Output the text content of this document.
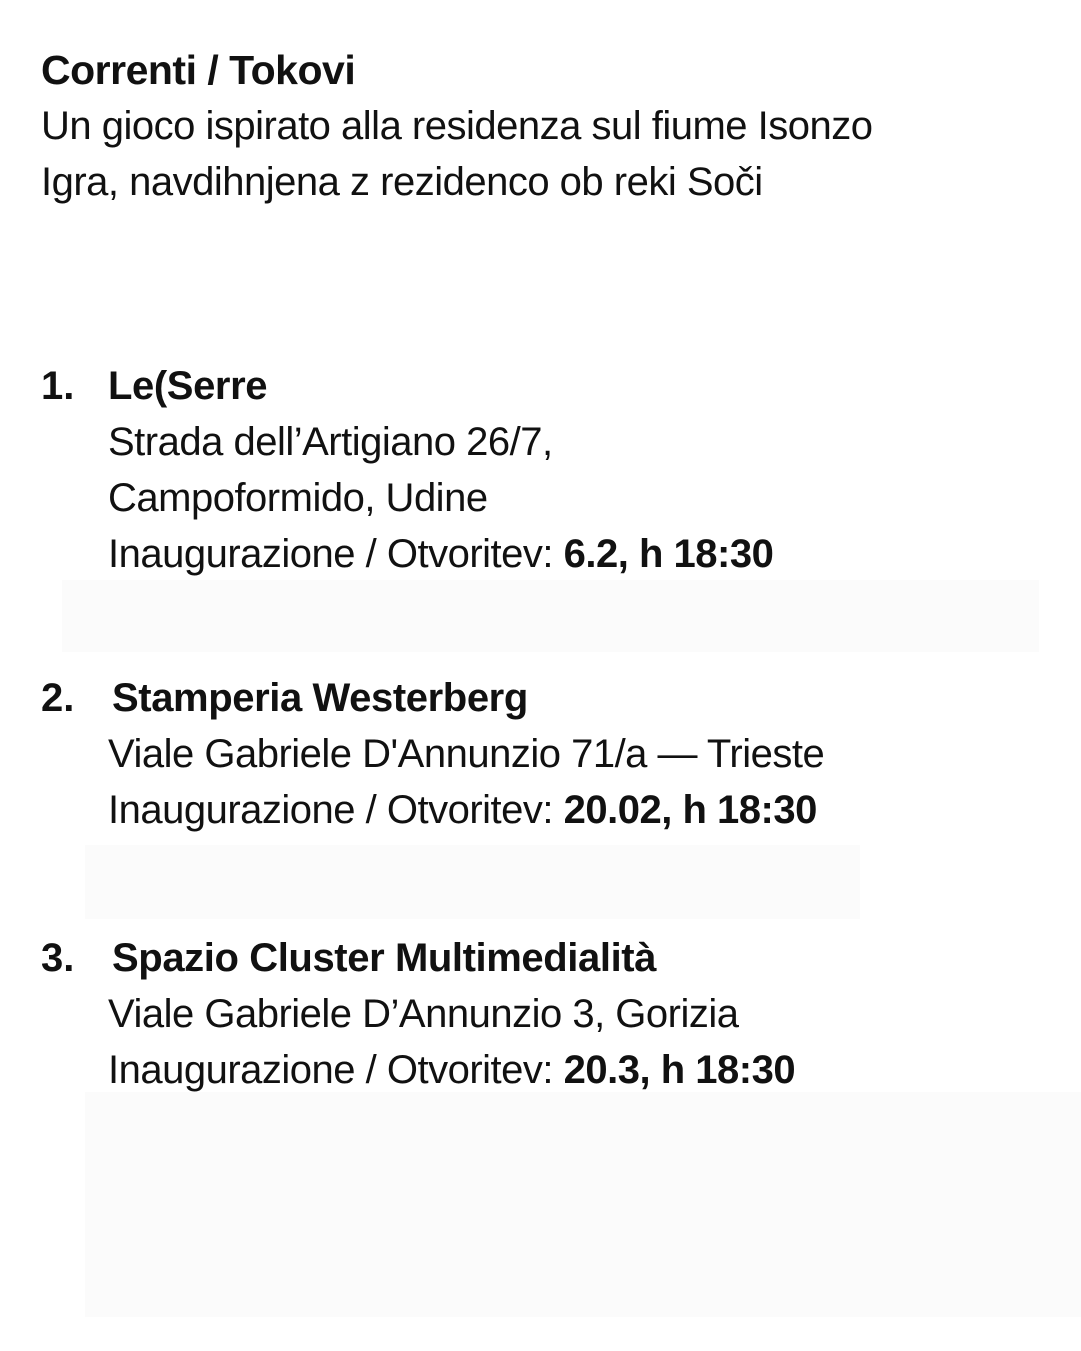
Correnti / Tokovi
Un gioco ispirato alla residenza sul fiume Isonzo
Igra, navdihnjena z rezidenco ob reki Soči
1. Le(Serre
Strada dell’Artigiano 26/7,
Campoformido, Udine
Inaugurazione / Otvoritev: 6.2, h 18:30
2. Stamperia Westerberg
Viale Gabriele D'Annunzio 71/a — Trieste
Inaugurazione / Otvoritev: 20.02, h 18:30
3. Spazio Cluster Multimedialità
Viale Gabriele D’Annunzio 3, Gorizia
Inaugurazione / Otvoritev: 20.3, h 18:30
